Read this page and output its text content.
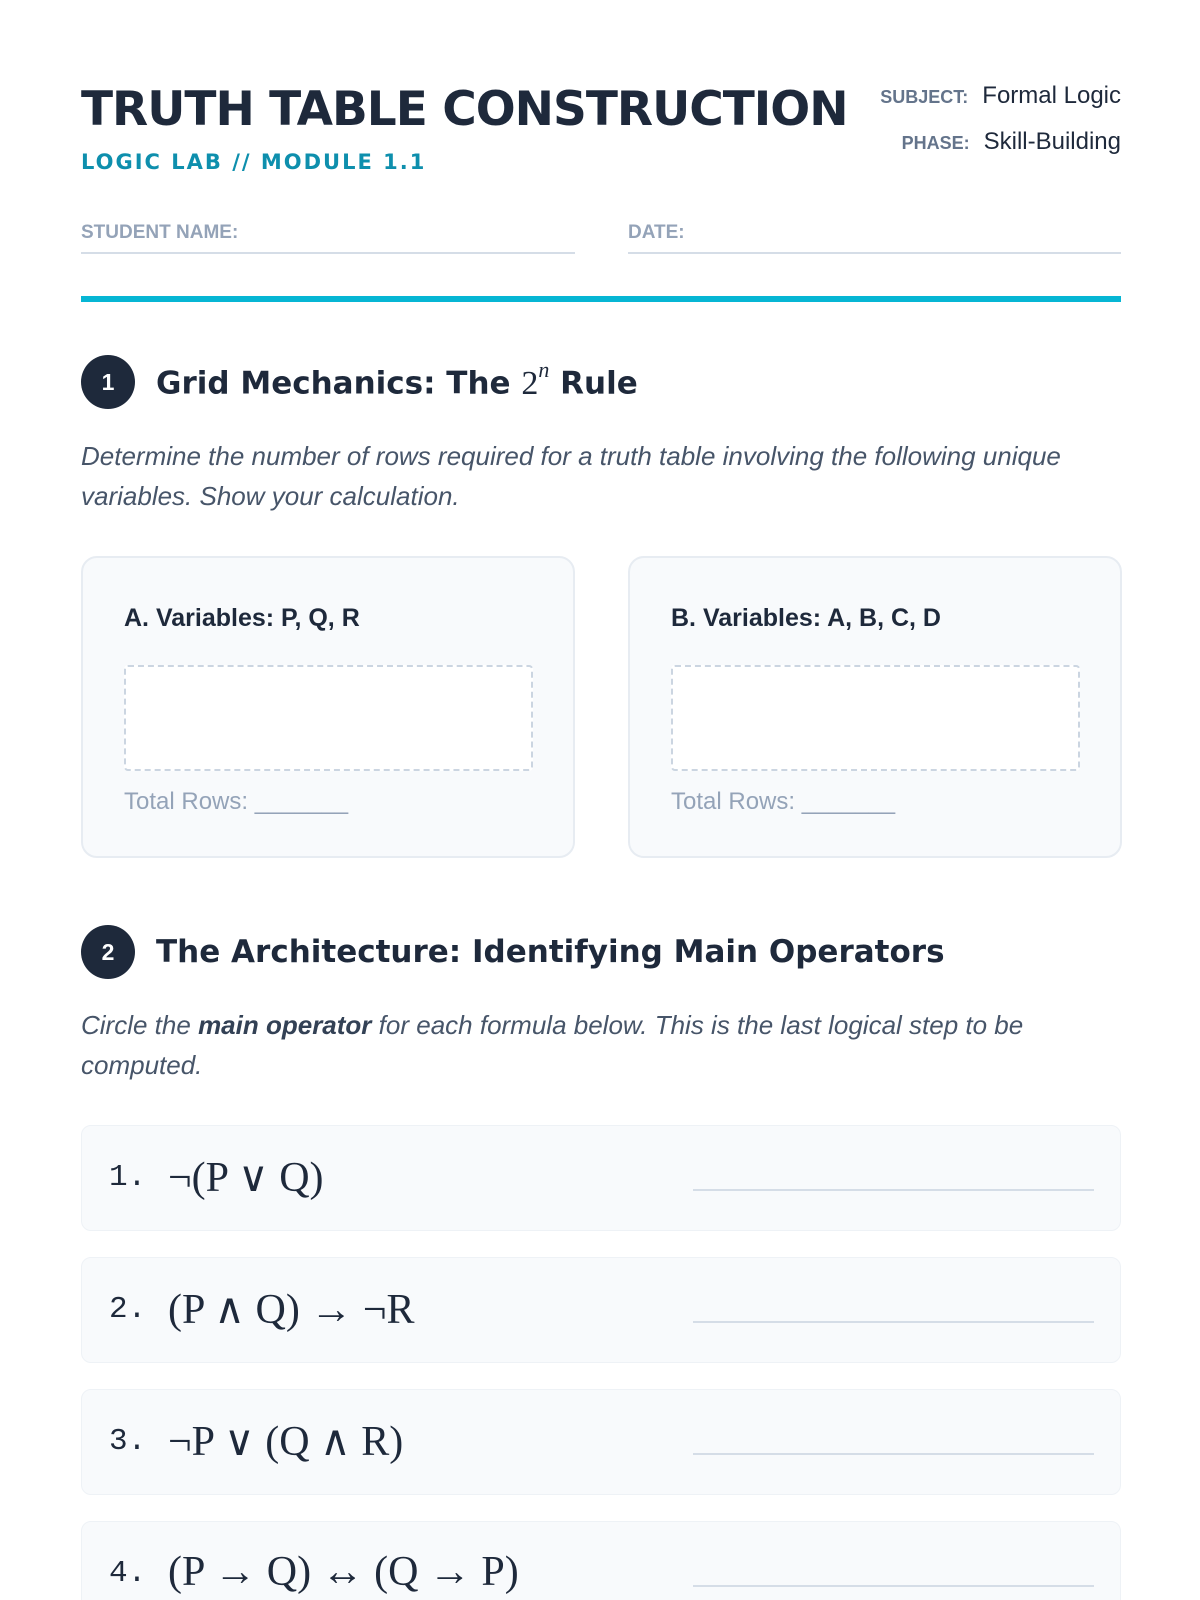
TRUTH TABLE CONSTRUCTION
LOGIC LAB // MODULE 1.1
SUBJECT: Formal Logic
PHASE: Skill-Building
STUDENT NAME:	DATE:
1	Grid Mechanics: The 2$^n$ Rule
Determine the number of rows required for a truth table involving the following unique variables. Show your calculation.
A. Variables: P, Q, R
Total Rows: _______
B. Variables: A, B, C, D
Total Rows: _______
2	The Architecture: Identifying Main Operators
Circle the main operator for each formula below. This is the last logical step to be computed.
1. ¬(P ∨ Q)
2. (P ∧ Q) → ¬R
3. ¬P ∨ (Q ∧ R)
4. (P → Q) ↔ (Q → P)
